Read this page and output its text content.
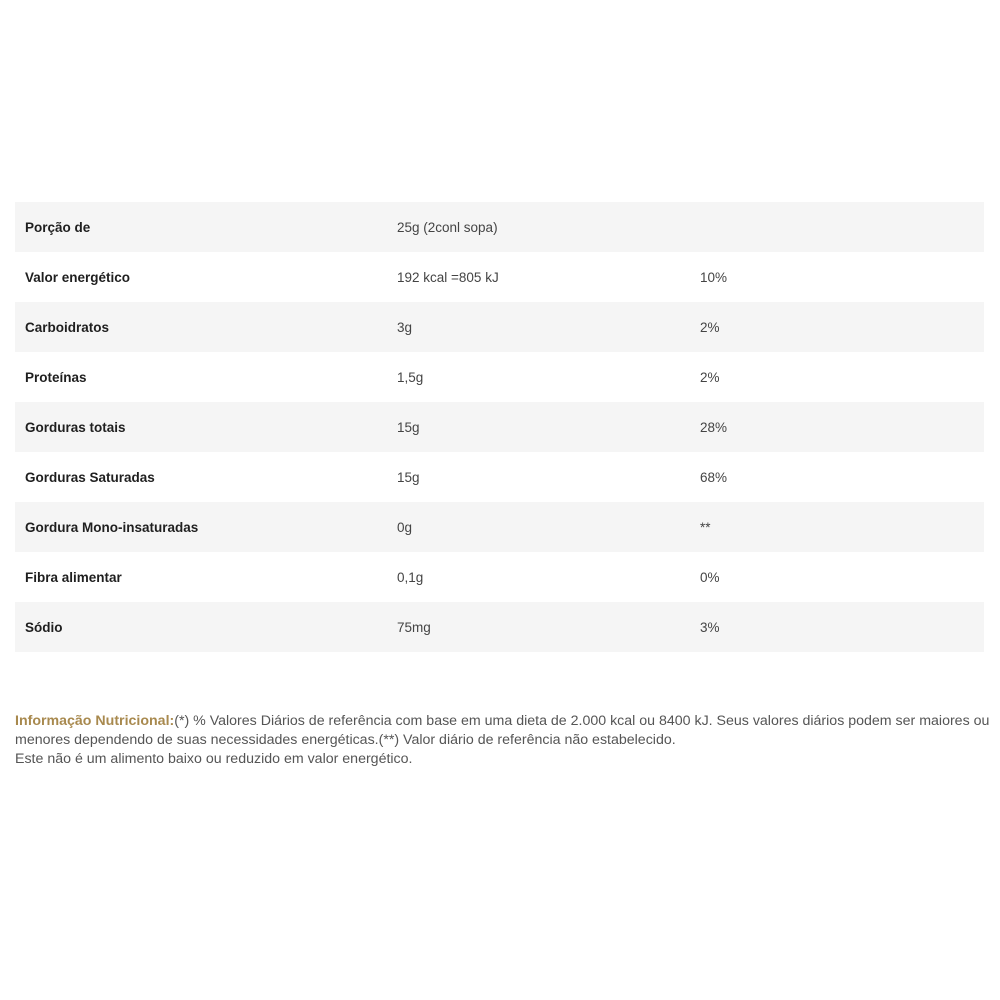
Porção de	25g (2conl sopa)
Valor energético	192 kcal =805 kJ	10%
Carboidratos	3g	2%
Proteínas	1,5g	2%
Gorduras totais	15g	28%
Gorduras Saturadas	15g	68%
Gordura Mono-insaturadas	0g	**
Fibra alimentar	0,1g	0%
Sódio	75mg	3%

Informação Nutricional:(*) % Valores Diários de referência com base em uma dieta de 2.000 kcal ou 8400 kJ. Seus valores diários podem ser maiores ou menores dependendo de suas necessidades energéticas.(**) Valor diário de referência não estabelecido.

Este não é um alimento baixo ou reduzido em valor energético.
